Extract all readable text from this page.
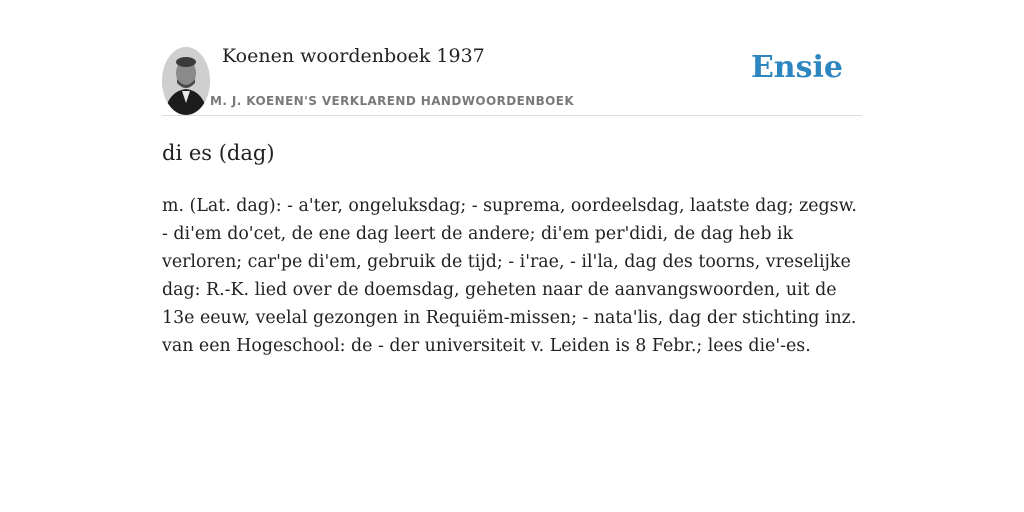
Koenen woordenboek 1937
M. J. KOENEN'S VERKLAREND HANDWOORDENBOEK
Ensie
di es (dag)

m. (Lat. dag): - a'ter, ongeluksdag; - suprema, oordeelsdag, laatste dag; zegsw. - di'em do'cet, de ene dag leert de andere; di'em per'didi, de dag heb ik verloren; car'pe di'em, gebruik de tijd; - i'rae, - il'la, dag des toorns, vreselijke dag: R.-K. lied over de doemsdag, geheten naar de aanvangswoorden, uit de 13e eeuw, veelal gezongen in Requiëm-missen; - nata'lis, dag der stichting inz. van een Hogeschool: de - der universiteit v. Leiden is 8 Febr.; lees die'-es.
